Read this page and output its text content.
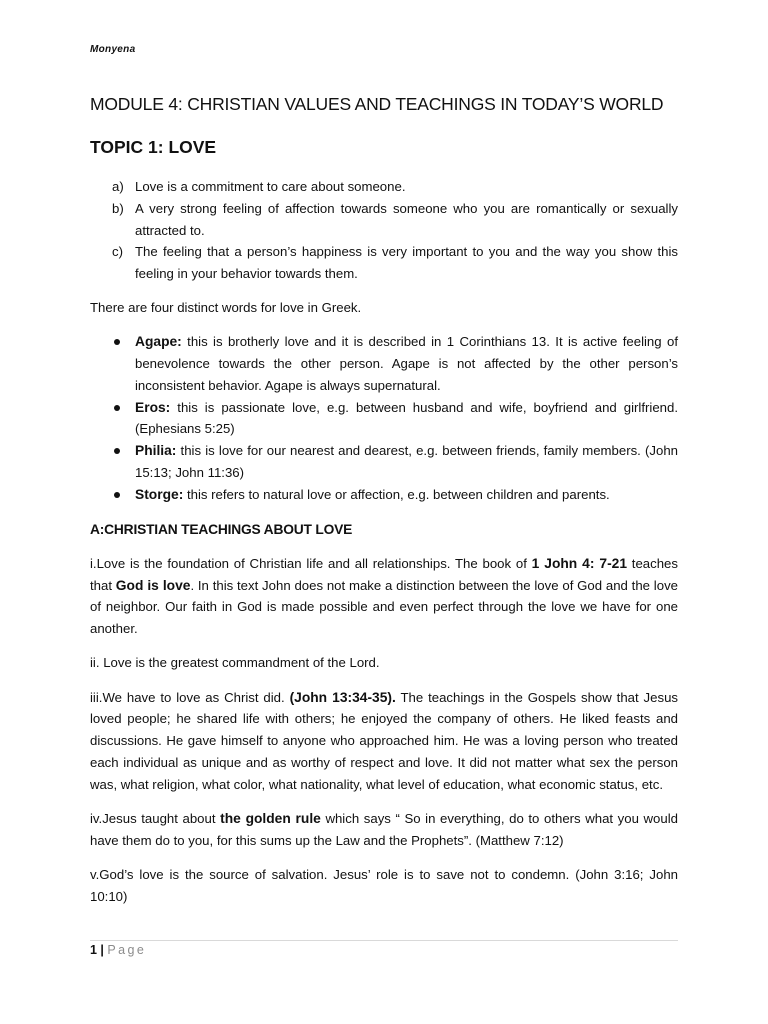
Monyena
MODULE 4: CHRISTIAN VALUES AND TEACHINGS IN TODAY’S WORLD
TOPIC 1: LOVE
a) Love is a commitment to care about someone.
b) A very strong feeling of affection towards someone who you are romantically or sexually attracted to.
c) The feeling that a person’s happiness is very important to you and the way you show this feeling in your behavior towards them.

There are four distinct words for love in Greek.

Agape: this is brotherly love and it is described in 1 Corinthians 13. It is active feeling of benevolence towards the other person. Agape is not affected by the other person’s inconsistent behavior. Agape is always supernatural.
Eros: this is passionate love, e.g. between husband and wife, boyfriend and girlfriend. (Ephesians 5:25)
Philia: this is love for our nearest and dearest, e.g. between friends, family members. (John 15:13; John 11:36)
Storge: this refers to natural love or affection, e.g. between children and parents.
A:CHRISTIAN TEACHINGS ABOUT LOVE

i.Love is the foundation of Christian life and all relationships. The book of 1 John 4: 7-21 teaches that God is love. In this text John does not make a distinction between the love of God and the love of neighbor. Our faith in God is made possible and even perfect through the love we have for one another.

ii. Love is the greatest commandment of the Lord.

iii.We have to love as Christ did. (John 13:34-35). The teachings in the Gospels show that Jesus loved people; he shared life with others; he enjoyed the company of others. He liked feasts and discussions. He gave himself to anyone who approached him. He was a loving person who treated each individual as unique and as worthy of respect and love. It did not matter what sex the person was, what religion, what color, what nationality, what level of education, what economic status, etc.

iv.Jesus taught about the golden rule which says “ So in everything, do to others what you would have them do to you, for this sums up the Law and the Prophets”. (Matthew 7:12)

v.God’s love is the source of salvation. Jesus’ role is to save not to condemn. (John 3:16; John 10:10)

1 | Page
